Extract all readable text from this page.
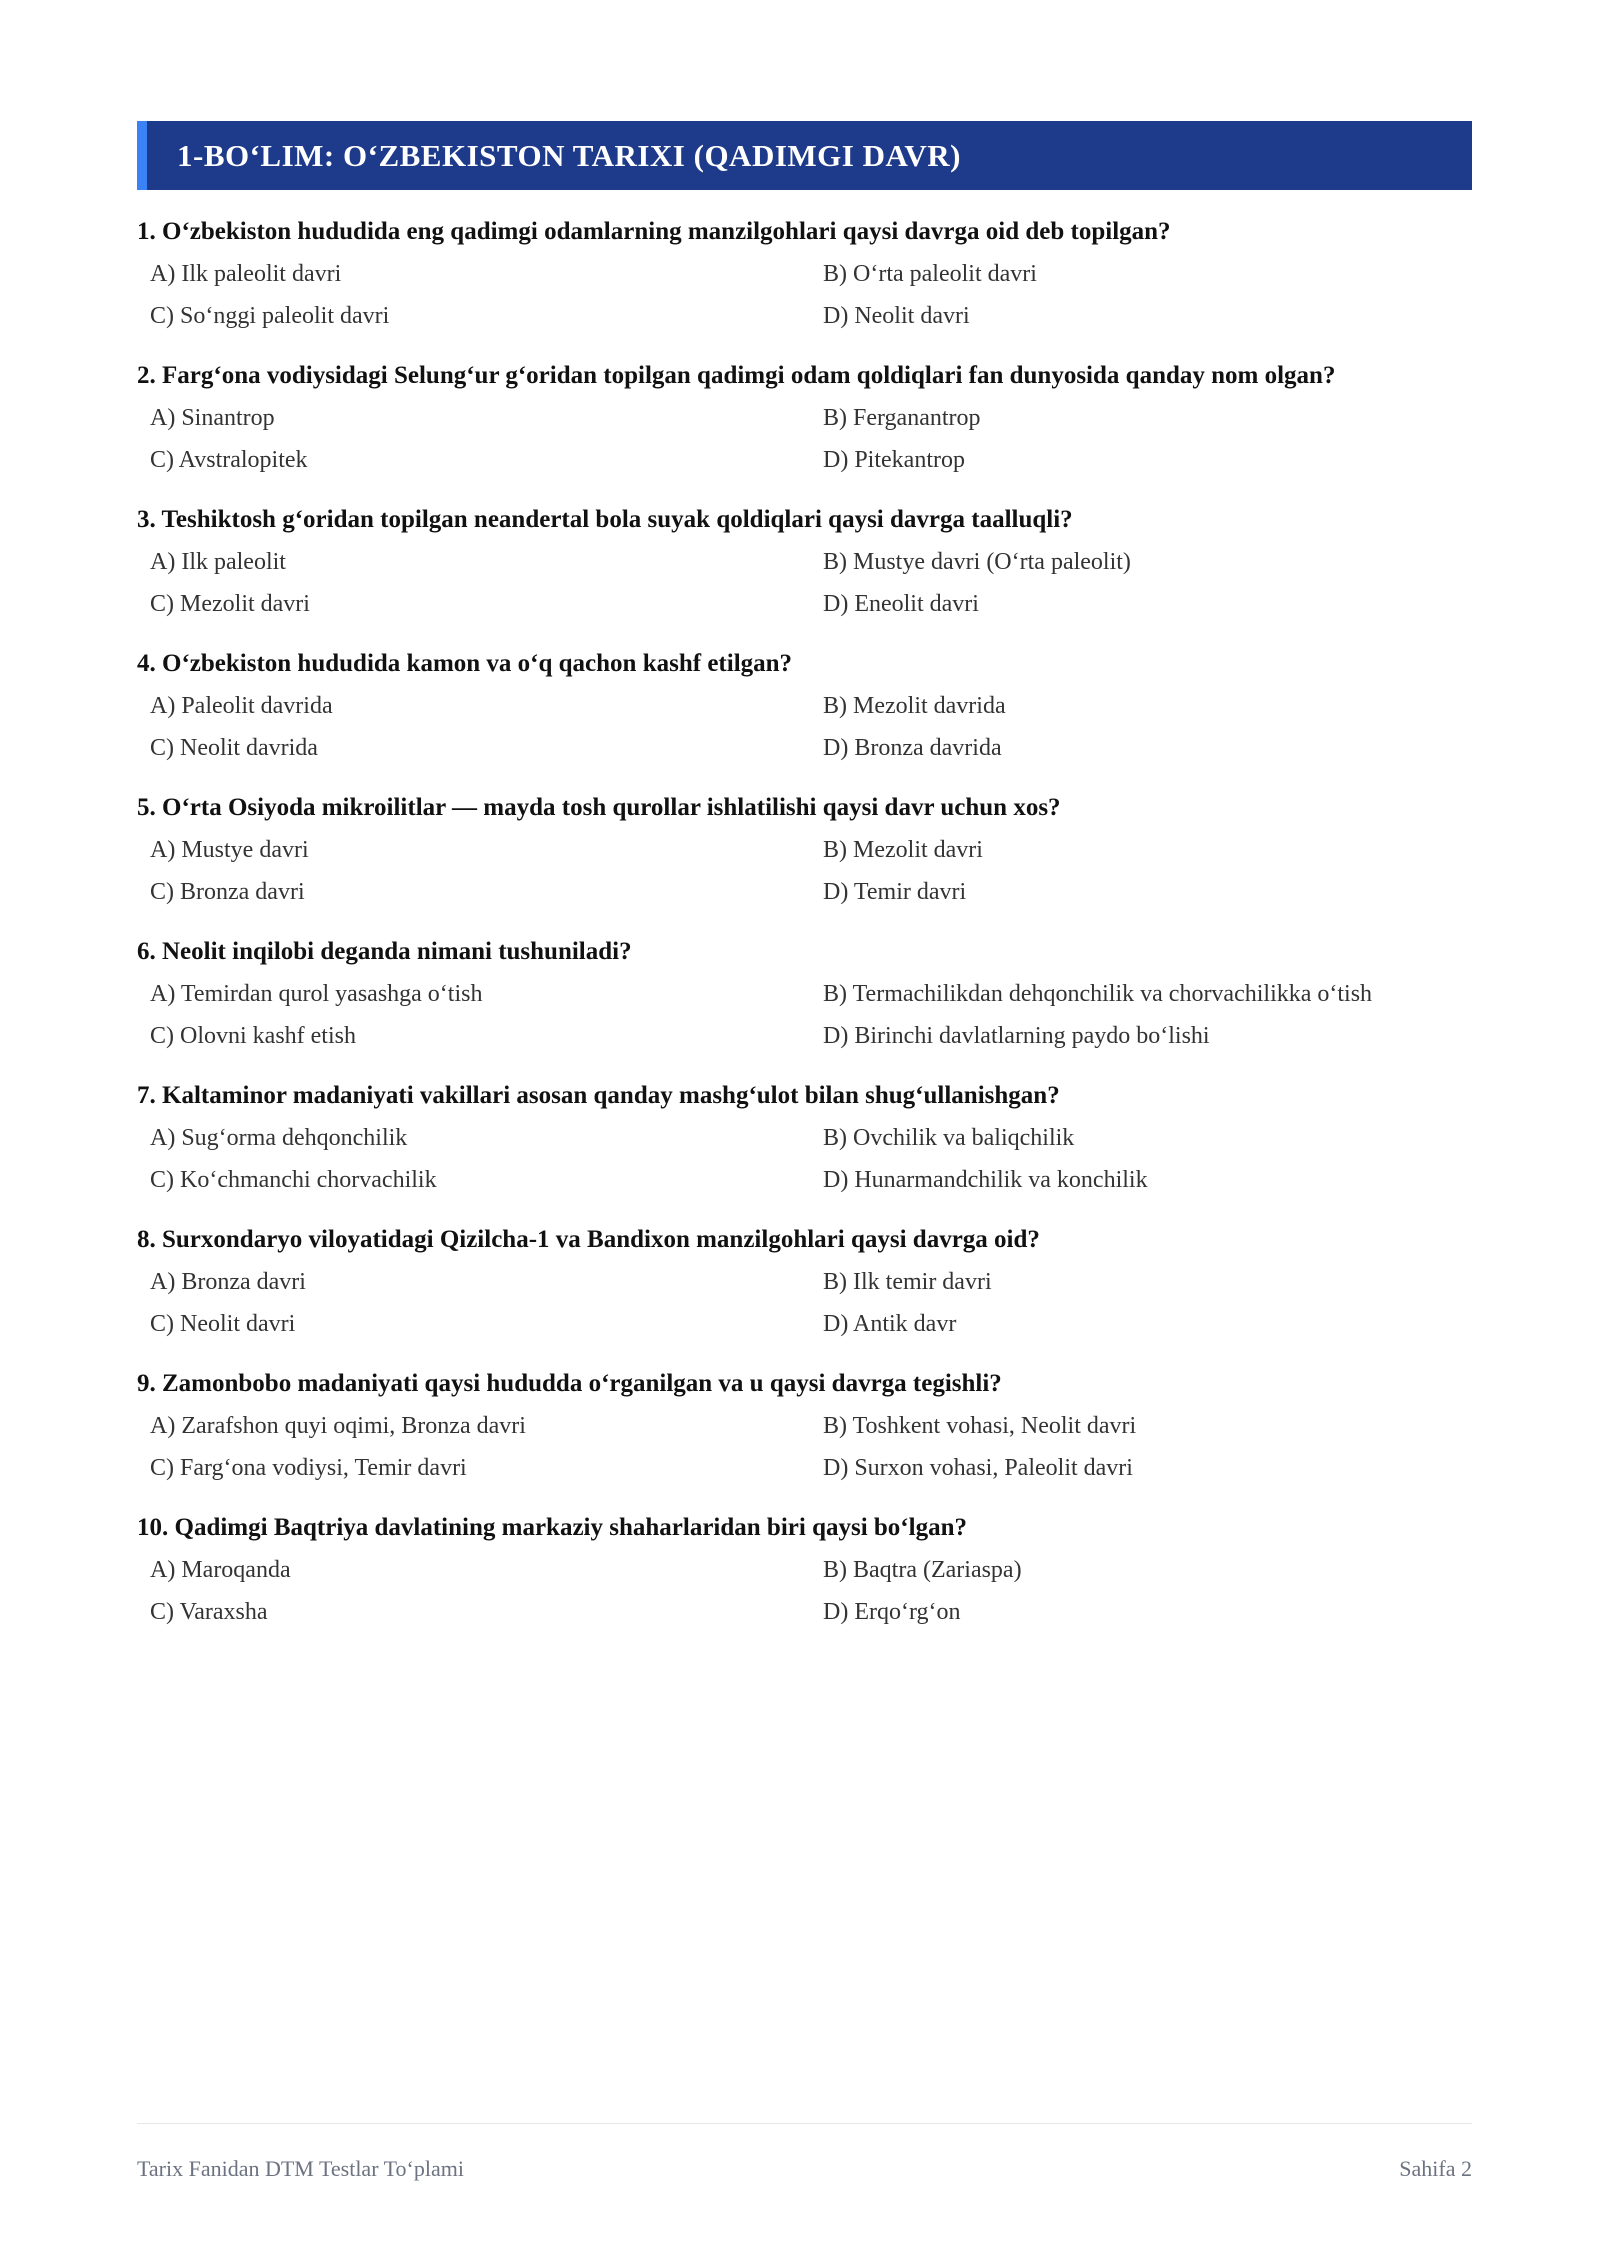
1-BO‘LIM: O‘ZBEKISTON TARIXI (QADIMGI DAVR)
1. O‘zbekiston hududida eng qadimgi odamlarning manzilgohlari qaysi davrga oid deb topilgan?
A) Ilk paleolit davri	B) O‘rta paleolit davri
C) So‘nggi paleolit davri	D) Neolit davri
2. Farg‘ona vodiysidagi Selung‘ur g‘oridan topilgan qadimgi odam qoldiqlari fan dunyosida qanday nom olgan?
A) Sinantrop	B) Ferganantrop
C) Avstralopitek	D) Pitekantrop
3. Teshiktosh g‘oridan topilgan neandertal bola suyak qoldiqlari qaysi davrga taalluqli?
A) Ilk paleolit	B) Mustye davri (O‘rta paleolit)
C) Mezolit davri	D) Eneolit davri
4. O‘zbekiston hududida kamon va o‘q qachon kashf etilgan?
A) Paleolit davrida	B) Mezolit davrida
C) Neolit davrida	D) Bronza davrida
5. O‘rta Osiyoda mikroilitlar — mayda tosh qurollar ishlatilishi qaysi davr uchun xos?
A) Mustye davri	B) Mezolit davri
C) Bronza davri	D) Temir davri
6. Neolit inqilobi deganda nimani tushuniladi?
A) Temirdan qurol yasashga o‘tish	B) Termachilikdan dehqonchilik va chorvachilikka o‘tish
C) Olovni kashf etish	D) Birinchi davlatlarning paydo bo‘lishi
7. Kaltaminor madaniyati vakillari asosan qanday mashg‘ulot bilan shug‘ullanishgan?
A) Sug‘orma dehqonchilik	B) Ovchilik va baliqchilik
C) Ko‘chmanchi chorvachilik	D) Hunarmandchilik va konchilik
8. Surxondaryo viloyatidagi Qizilcha-1 va Bandixon manzilgohlari qaysi davrga oid?
A) Bronza davri	B) Ilk temir davri
C) Neolit davri	D) Antik davr
9. Zamonbobo madaniyati qaysi hududda o‘rganilgan va u qaysi davrga tegishli?
A) Zarafshon quyi oqimi, Bronza davri	B) Toshkent vohasi, Neolit davri
C) Farg‘ona vodiysi, Temir davri	D) Surxon vohasi, Paleolit davri
10. Qadimgi Baqtriya davlatining markaziy shaharlaridan biri qaysi bo‘lgan?
A) Maroqanda	B) Baqtra (Zariaspa)
C) Varaxsha	D) Erqo‘rg‘on
Tarix Fanidan DTM Testlar To‘plami	Sahifa 2
